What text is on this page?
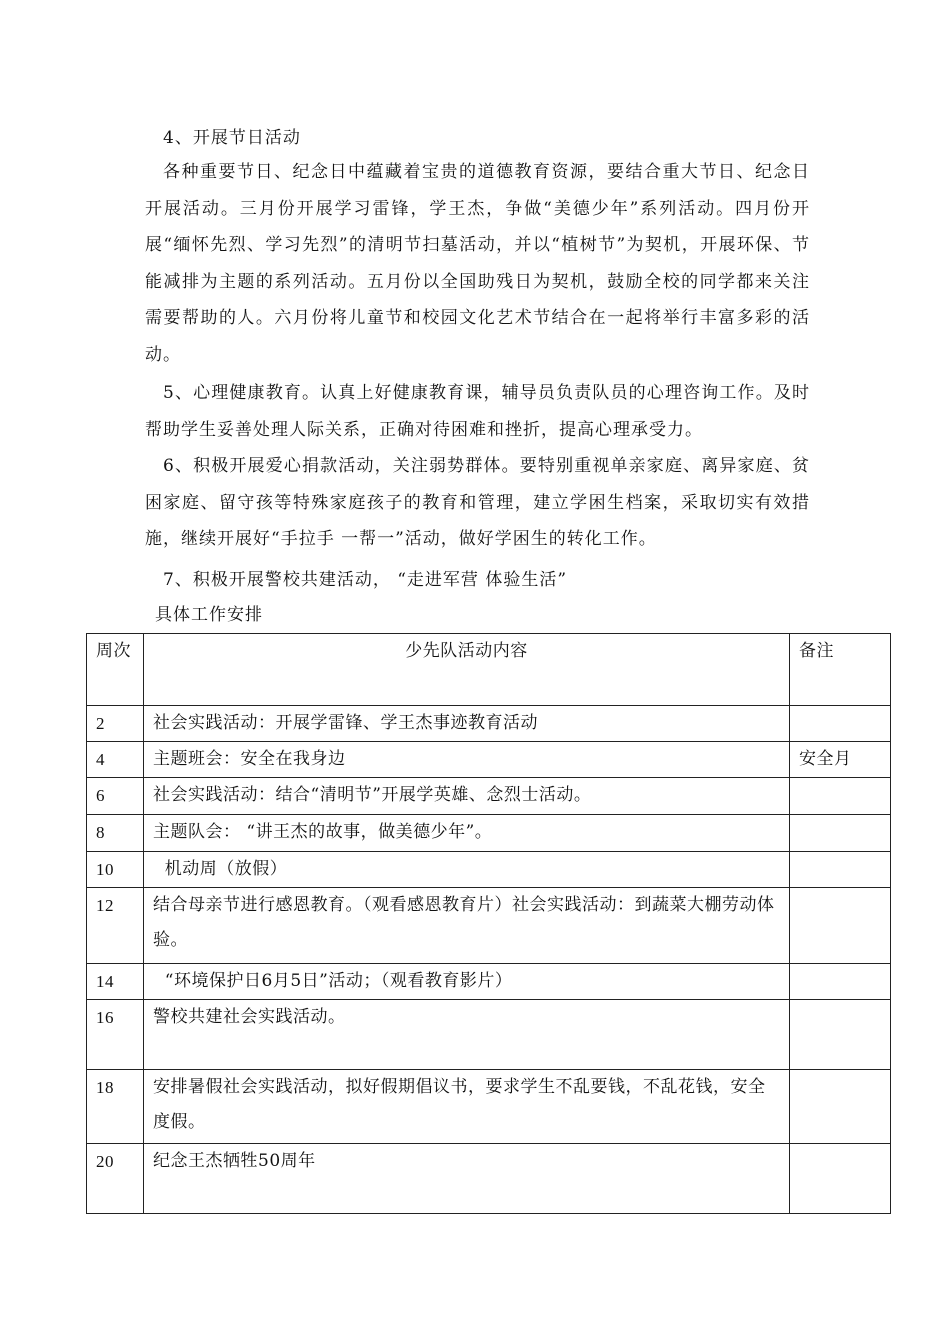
4、开展节日活动

各种重要节日、纪念日中蕴藏着宝贵的道德教育资源，要结合重大节日、纪念日开展活动。三月份开展学习雷锋，学王杰，争做“美德少年”系列活动。四月份开展“缅怀先烈、学习先烈”的清明节扫墓活动，并以“植树节”为契机，开展环保、节能减排为主题的系列活动。五月份以全国助残日为契机，鼓励全校的同学都来关注需要帮助的人。六月份将儿童节和校园文化艺术节结合在一起将举行丰富多彩的活动。

5、心理健康教育。认真上好健康教育课，辅导员负责队员的心理咨询工作。及时帮助学生妥善处理人际关系，正确对待困难和挫折，提高心理承受力。

6、积极开展爱心捐款活动，关注弱势群体。要特别重视单亲家庭、离异家庭、贫困家庭、留守孩等特殊家庭孩子的教育和管理，建立学困生档案，采取切实有效措施，继续开展好“手拉手 一帮一”活动，做好学困生的转化工作。

7、积极开展警校共建活动， “走进军营 体验生活”

具体工作安排

周次	少先队活动内容	备注
2	社会实践活动：开展学雷锋、学王杰事迹教育活动	
4	主题班会：安全在我身边	安全月
6	社会实践活动：结合“清明节”开展学英雄、念烈士活动。	
8	主题队会： “讲王杰的故事，做美德少年”。	
10	机动周（放假）	
12	结合母亲节进行感恩教育。（观看感恩教育片）社会实践活动：到蔬菜大棚劳动体验。	
14	“环境保护日6月5日”活动；（观看教育影片）	
16	警校共建社会实践活动。	
18	安排暑假社会实践活动，拟好假期倡议书，要求学生不乱要钱，不乱花钱，安全度假。	
20	纪念王杰牺牲50周年	
